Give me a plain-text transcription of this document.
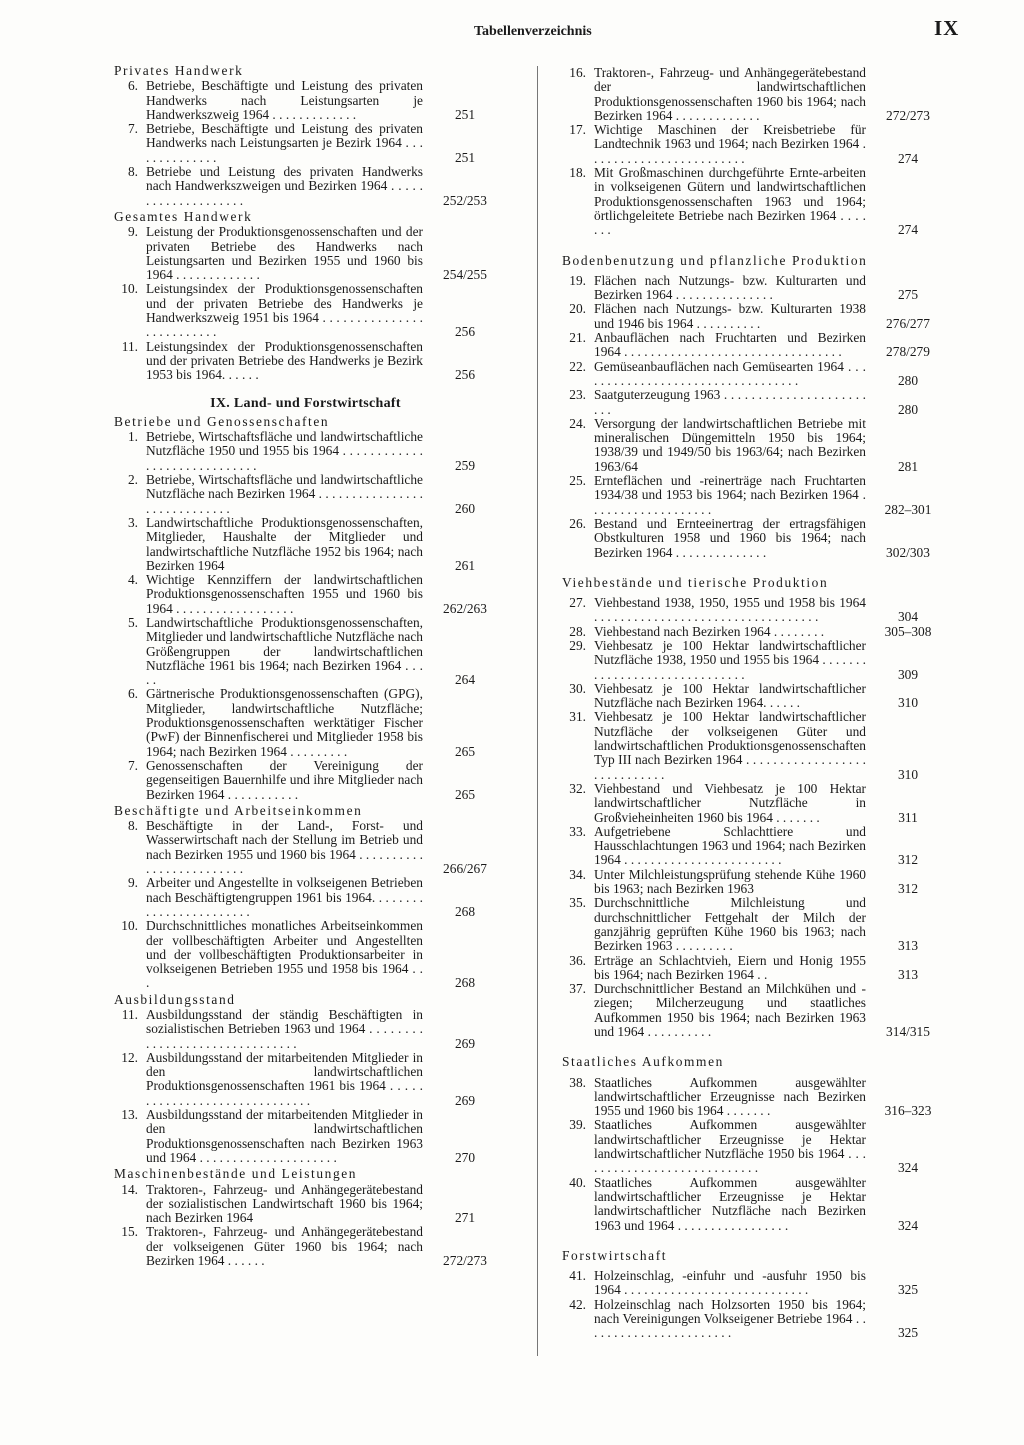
Tabellenverzeichnis	IX
Privates Handwerk
6. Betriebe, Beschäftigte und Leistung des privaten Handwerks nach Leistungsarten je Handwerkszweig 1964 . . . . . . . . . . . . .	251
7. Betriebe, Beschäftigte und Leistung des privaten Handwerks nach Leistungsarten je Bezirk 1964 . . . . . . . . . . . . . .	251
8. Betriebe und Leistung des privaten Handwerks nach Handwerkszweigen und Bezirken 1964 . . . . . . . . . . . . . . . . . . . .	252/253
Gesamtes Handwerk
9. Leistung der Produktionsgenossenschaften und der privaten Betriebe des Handwerks nach Leistungsarten und Bezirken 1955 und 1960 bis 1964 . . . . . . . . . . . . .	254/255
10. Leistungsindex der Produktionsgenossenschaften und der privaten Betriebe des Handwerks je Handwerkszweig 1951 bis 1964 . . . . . . . . . . . . . . . . . . . . . . . . . .	256
11. Leistungsindex der Produktionsgenossenschaften und der privaten Betriebe des Handwerks je Bezirk 1953 bis 1964. . . . . .	256
IX. Land- und Forstwirtschaft
Betriebe und Genossenschaften
1. Betriebe, Wirtschaftsfläche und landwirtschaftliche Nutzfläche 1950 und 1955 bis 1964 . . . . . . . . . . . . . . . . . . . . . . . . . . . . .	259
2. Betriebe, Wirtschaftsfläche und landwirtschaftliche Nutzfläche nach Bezirken 1964 . . . . . . . . . . . . . . . . . . . . . . . . . . . . .	260
3. Landwirtschaftliche Produktionsgenossenschaften, Mitglieder, Haushalte der Mitglieder und landwirtschaftliche Nutzfläche 1952 bis 1964; nach Bezirken 1964	261
4. Wichtige Kennziffern der landwirtschaftlichen Produktionsgenossenschaften 1955 und 1960 bis 1964 . . . . . . . . . . . . . . . . . .	262/263
5. Landwirtschaftliche Produktionsgenossenschaften, Mitglieder und landwirtschaftliche Nutzfläche nach Größengruppen der landwirtschaftlichen Nutzfläche 1961 bis 1964; nach Bezirken 1964 . . . . .	264
6. Gärtnerische Produktionsgenossenschaften (GPG), Mitglieder, landwirtschaftliche Nutzfläche; Produktionsgenossenschaften werktätiger Fischer (PwF) der Binnenfischerei und Mitglieder 1958 bis 1964; nach Bezirken 1964 . . . . . . . . .	265
7. Genossenschaften der Vereinigung der gegenseitigen Bauernhilfe und ihre Mitglieder nach Bezirken 1964 . . . . . . . . . . .	265
Beschäftigte und Arbeitseinkommen
8. Beschäftigte in der Land-, Forst- und Wasserwirtschaft nach der Stellung im Betrieb und nach Bezirken 1955 und 1960 bis 1964 . . . . . . . . . . . . . . . . . . . . . . . . .	266/267
9. Arbeiter und Angestellte in volkseigenen Betrieben nach Beschäftigtengruppen 1961 bis 1964. . . . . . . . . . . . . . . . . . . . . . . .	268
10. Durchschnittliches monatliches Arbeitseinkommen der vollbeschäftigten Arbeiter und Angestellten und der vollbeschäftigten Produktionsarbeiter in volkseigenen Betrieben 1955 und 1958 bis 1964 . . .	268
Ausbildungsstand
11. Ausbildungsstand der ständig Beschäftigten in sozialistischen Betrieben 1963 und 1964 . . . . . . . . . . . . . . . . . . . . . . . . . . . . . . .	269
12. Ausbildungsstand der mitarbeitenden Mitglieder in den landwirtschaftlichen Produktionsgenossenschaften 1961 bis 1964 . . . . . . . . . . . . . . . . . . . . . . . . . . . . . .	269
13. Ausbildungsstand der mitarbeitenden Mitglieder in den landwirtschaftlichen Produktionsgenossenschaften nach Bezirken 1963 und 1964 . . . . . . . . . . . . . . . . . . . . .	270
Maschinenbestände und Leistungen
14. Traktoren-, Fahrzeug- und Anhängegerätebestand der sozialistischen Landwirtschaft 1960 bis 1964; nach Bezirken 1964	271
15. Traktoren-, Fahrzeug- und Anhängegerätebestand der volkseigenen Güter 1960 bis 1964; nach Bezirken 1964 . . . . . .	272/273
16. Traktoren-, Fahrzeug- und Anhängegerätebestand der landwirtschaftlichen Produktionsgenossenschaften 1960 bis 1964; nach Bezirken 1964 . . . . . . . . . . . . .	272/273
17. Wichtige Maschinen der Kreisbetriebe für Landtechnik 1963 und 1964; nach Bezirken 1964 . . . . . . . . . . . . . . . . . . . . . . . .	274
18. Mit Großmaschinen durchgeführte Ernte-arbeiten in volkseigenen Gütern und landwirtschaftlichen Produktionsgenossenschaften 1963 und 1964; örtlichgeleitete Betriebe nach Bezirken 1964 . . . . . . .	274
Bodenbenutzung und pflanzliche Produktion
19. Flächen nach Nutzungs- bzw. Kulturarten und Bezirken 1964 . . . . . . . . . . . . . . .	275
20. Flächen nach Nutzungs- bzw. Kulturarten 1938 und 1946 bis 1964 . . . . . . . . . .	276/277
21. Anbauflächen nach Fruchtarten und Bezirken 1964 . . . . . . . . . . . . . . . . . . . . . . . . . . . . . . . . .	278/279
22. Gemüseanbauflächen nach Gemüsearten 1964 . . . . . . . . . . . . . . . . . . . . . . . . . . . . . . . . . .	280
23. Saatguterzeugung 1963 . . . . . . . . . . . . . . . . . . . . . . . .	280
24. Versorgung der landwirtschaftlichen Betriebe mit mineralischen Düngemitteln 1950 bis 1964; 1938/39 und 1949/50 bis 1963/64; nach Bezirken 1963/64	281
25. Ernteflächen und -reinerträge nach Fruchtarten 1934/38 und 1953 bis 1964; nach Bezirken 1964 . . . . . . . . . . . . . . . . . . .	282–301
26. Bestand und Ernteeinertrag der ertragsfähigen Obstkulturen 1958 und 1960 bis 1964; nach Bezirken 1964 . . . . . . . . . . . . . .	302/303
Viehbestände und tierische Produktion
27. Viehbestand 1938, 1950, 1955 und 1958 bis 1964 . . . . . . . . . . . . . . . . . . . . . . . . . . . . . . . . . .	304
28. Viehbestand nach Bezirken 1964 . . . . . . . .	305–308
29. Viehbesatz je 100 Hektar landwirtschaftlicher Nutzfläche 1938, 1950 und 1955 bis 1964 . . . . . . . . . . . . . . . . . . . . . . . . . . . . . .	309
30. Viehbesatz je 100 Hektar landwirtschaftlicher Nutzfläche nach Bezirken 1964. . . . . .	310
31. Viehbesatz je 100 Hektar landwirtschaftlicher Nutzfläche der volkseigenen Güter und landwirtschaftlichen Produktionsgenossenschaften Typ III nach Bezirken 1964 . . . . . . . . . . . . . . . . . . . . . . . . . . . . .	310
32. Viehbestand und Viehbesatz je 100 Hektar landwirtschaftlicher Nutzfläche in Großvieheinheiten 1960 bis 1964 . . . . . . .	311
33. Aufgetriebene Schlachttiere und Hausschlachtungen 1963 und 1964; nach Bezirken 1964 . . . . . . . . . . . . . . . . . . . . . . . .	312
34. Unter Milchleistungsprüfung stehende Kühe 1960 bis 1963; nach Bezirken 1963	312
35. Durchschnittliche Milchleistung und durchschnittlicher Fettgehalt der Milch der ganzjährig geprüften Kühe 1960 bis 1963; nach Bezirken 1963 . . . . . . . . .	313
36. Erträge an Schlachtvieh, Eiern und Honig 1955 bis 1964; nach Bezirken 1964 . .	313
37. Durchschnittlicher Bestand an Milchkühen und -ziegen; Milcherzeugung und staatliches Aufkommen 1950 bis 1964; nach Bezirken 1963 und 1964 . . . . . . . . . .	314/315
Staatliches Aufkommen
38. Staatliches Aufkommen ausgewählter landwirtschaftlicher Erzeugnisse nach Bezirken 1955 und 1960 bis 1964 . . . . . . .	316–323
39. Staatliches Aufkommen ausgewählter landwirtschaftlicher Erzeugnisse je Hektar landwirtschaftlicher Nutzfläche 1950 bis 1964 . . . . . . . . . . . . . . . . . . . . . . . . . . . .	324
40. Staatliches Aufkommen ausgewählter landwirtschaftlicher Erzeugnisse je Hektar landwirtschaftlicher Nutzfläche nach Bezirken 1963 und 1964 . . . . . . . . . . . . . . . . .	324
Forstwirtschaft
41. Holzeinschlag, -einfuhr und -ausfuhr 1950 bis 1964 . . . . . . . . . . . . . . . . . . . . . . . . . . . .	325
42. Holzeinschlag nach Holzsorten 1950 bis 1964; nach Vereinigungen Volkseigener Betriebe 1964 . . . . . . . . . . . . . . . . . . . . . . .	325
